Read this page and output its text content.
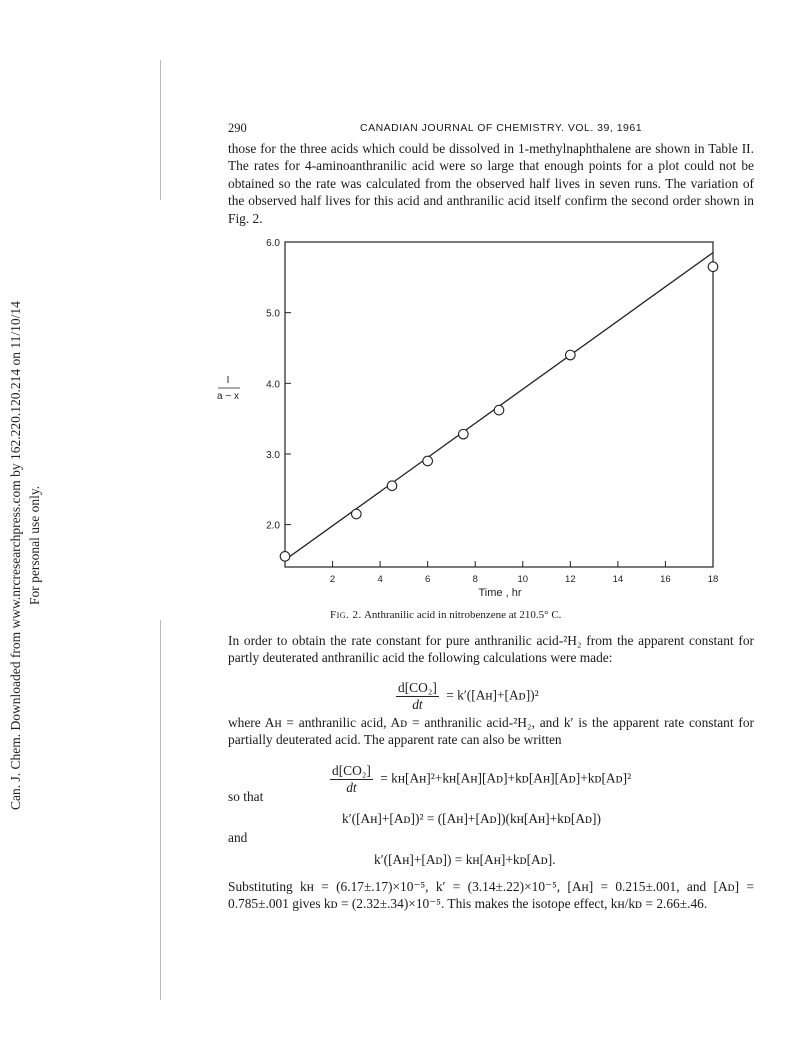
Can. J. Chem. Downloaded from www.nrcresearchpress.com by 162.220.120.214 on 11/10/14 For personal use only.
290	CANADIAN JOURNAL OF CHEMISTRY. VOL. 39, 1961
those for the three acids which could be dissolved in 1-methylnaphthalene are shown in Table II. The rates for 4-aminoanthranilic acid were so large that enough points for a plot could not be obtained so the rate was calculated from the observed half lives in seven runs. The variation of the observed half lives for this acid and anthranilic acid itself confirm the second order shown in Fig. 2.
2.0
3.0
4.0
5.0
6.0
2	4	6	8	10	12	14	16	18
Time , hr
I
a − x
Fig. 2. Anthranilic acid in nitrobenzene at 210.5° C.
In order to obtain the rate constant for pure anthranilic acid-²H₂ from the apparent constant for partly deuterated anthranilic acid the following calculations were made:
$\frac{\text{d[CO₂]}}{dt}$ = k′([Aʜ]+[Aᴅ])²
where Aʜ = anthranilic acid, Aᴅ = anthranilic acid-²H₂, and k′ is the apparent rate constant for partially deuterated acid. The apparent rate can also be written
$\frac{\text{d[CO₂]}}{dt}$ = kʜ[Aʜ]²+kʜ[Aʜ][Aᴅ]+kᴅ[Aʜ][Aᴅ]+kᴅ[Aᴅ]²
so that
k′([Aʜ]+[Aᴅ])² = ([Aʜ]+[Aᴅ])(kʜ[Aʜ]+kᴅ[Aᴅ])
and
k′([Aʜ]+[Aᴅ]) = kʜ[Aʜ]+kᴅ[Aᴅ].
Substituting kʜ = (6.17±.17)×10⁻⁵, k′ = (3.14±.22)×10⁻⁵, [Aʜ] = 0.215±.001, and [Aᴅ] = 0.785±.001 gives kᴅ = (2.32±.34)×10⁻⁵. This makes the isotope effect, kʜ/kᴅ = 2.66±.46.
